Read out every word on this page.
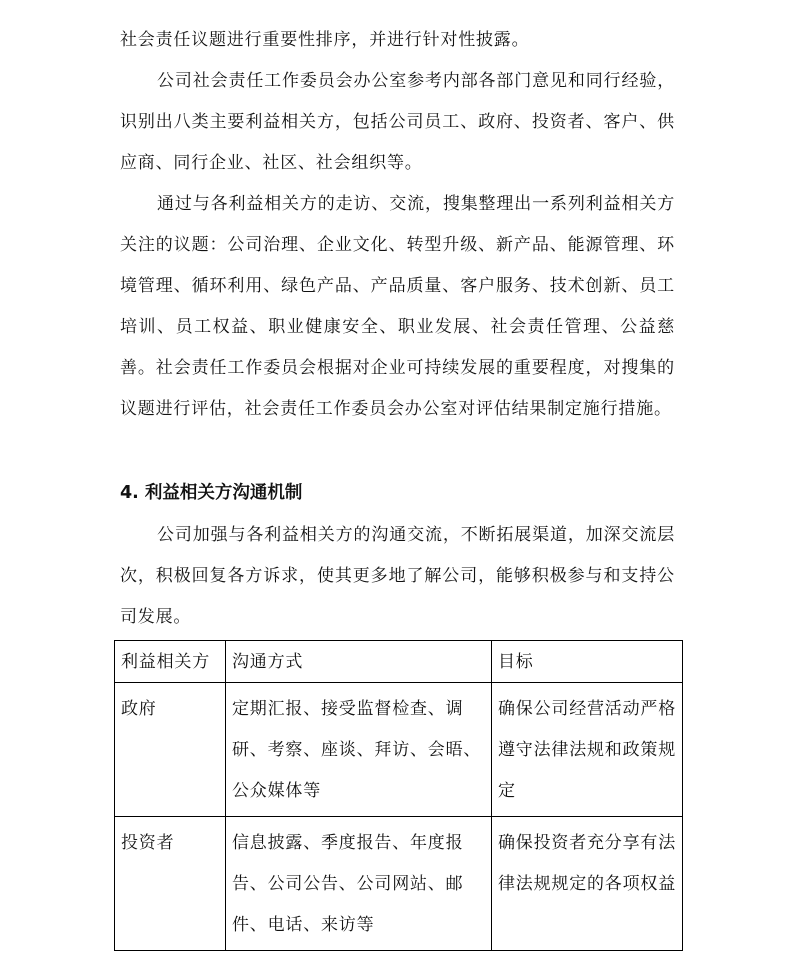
社会责任议题进行重要性排序，并进行针对性披露。

公司社会责任工作委员会办公室参考内部各部门意见和同行经验，识别出八类主要利益相关方，包括公司员工、政府、投资者、客户、供应商、同行企业、社区、社会组织等。

通过与各利益相关方的走访、交流，搜集整理出一系列利益相关方关注的议题：公司治理、企业文化、转型升级、新产品、能源管理、环境管理、循环利用、绿色产品、产品质量、客户服务、技术创新、员工培训、员工权益、职业健康安全、职业发展、社会责任管理、公益慈善。社会责任工作委员会根据对企业可持续发展的重要程度，对搜集的议题进行评估，社会责任工作委员会办公室对评估结果制定施行措施。

4. 利益相关方沟通机制

公司加强与各利益相关方的沟通交流，不断拓展渠道，加深交流层次，积极回复各方诉求，使其更多地了解公司，能够积极参与和支持公司发展。

利益相关方	沟通方式	目标
政府	定期汇报、接受监督检查、调研、考察、座谈、拜访、会晤、公众媒体等	确保公司经营活动严格遵守法律法规和政策规定
投资者	信息披露、季度报告、年度报告、公司公告、公司网站、邮件、电话、来访等	确保投资者充分享有法律法规规定的各项权益
